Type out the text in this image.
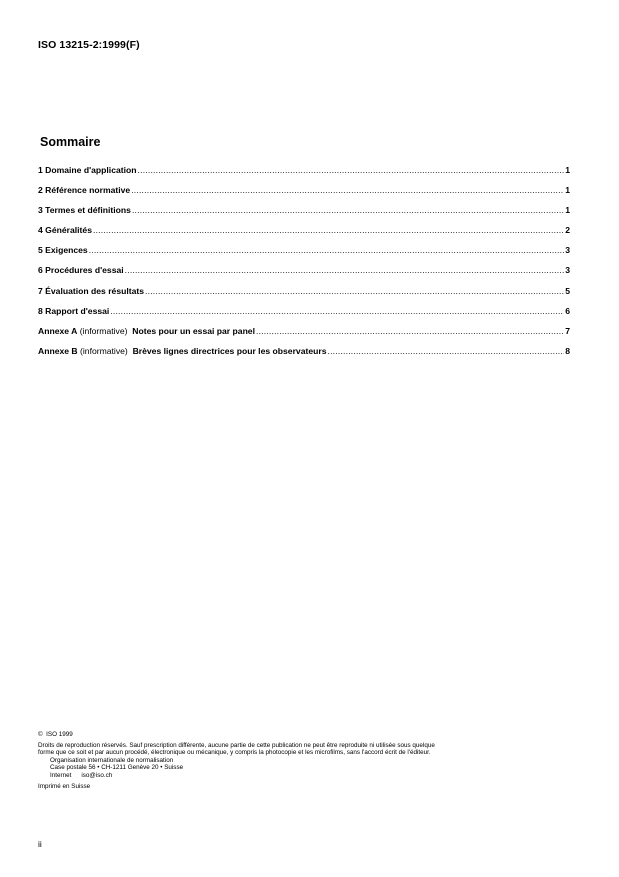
ISO 13215-2:1999(F)
Sommaire
1 Domaine d'application .....	1
2 Référence normative .....	1
3 Termes et définitions .....	1
4 Généralités .....	2
5 Exigences .....	3
6 Procédures d'essai .....	3
7 Évaluation des résultats .....	5
8 Rapport d'essai .....	6
Annexe A (informative)  Notes pour un essai par panel .....	7
Annexe B (informative)  Brèves lignes directrices pour les observateurs .....	8
©  ISO 1999
Droits de reproduction réservés. Sauf prescription différente, aucune partie de cette publication ne peut être reproduite ni utilisée sous quelque
forme que ce soit et par aucun procédé, électronique ou mécanique, y compris la photocopie et les microfilms, sans l'accord écrit de l'éditeur.
Organisation internationale de normalisation
Case postale 56 • CH-1211 Genève 20 • Suisse
Internet iso@iso.ch
Imprimé en Suisse
ii
